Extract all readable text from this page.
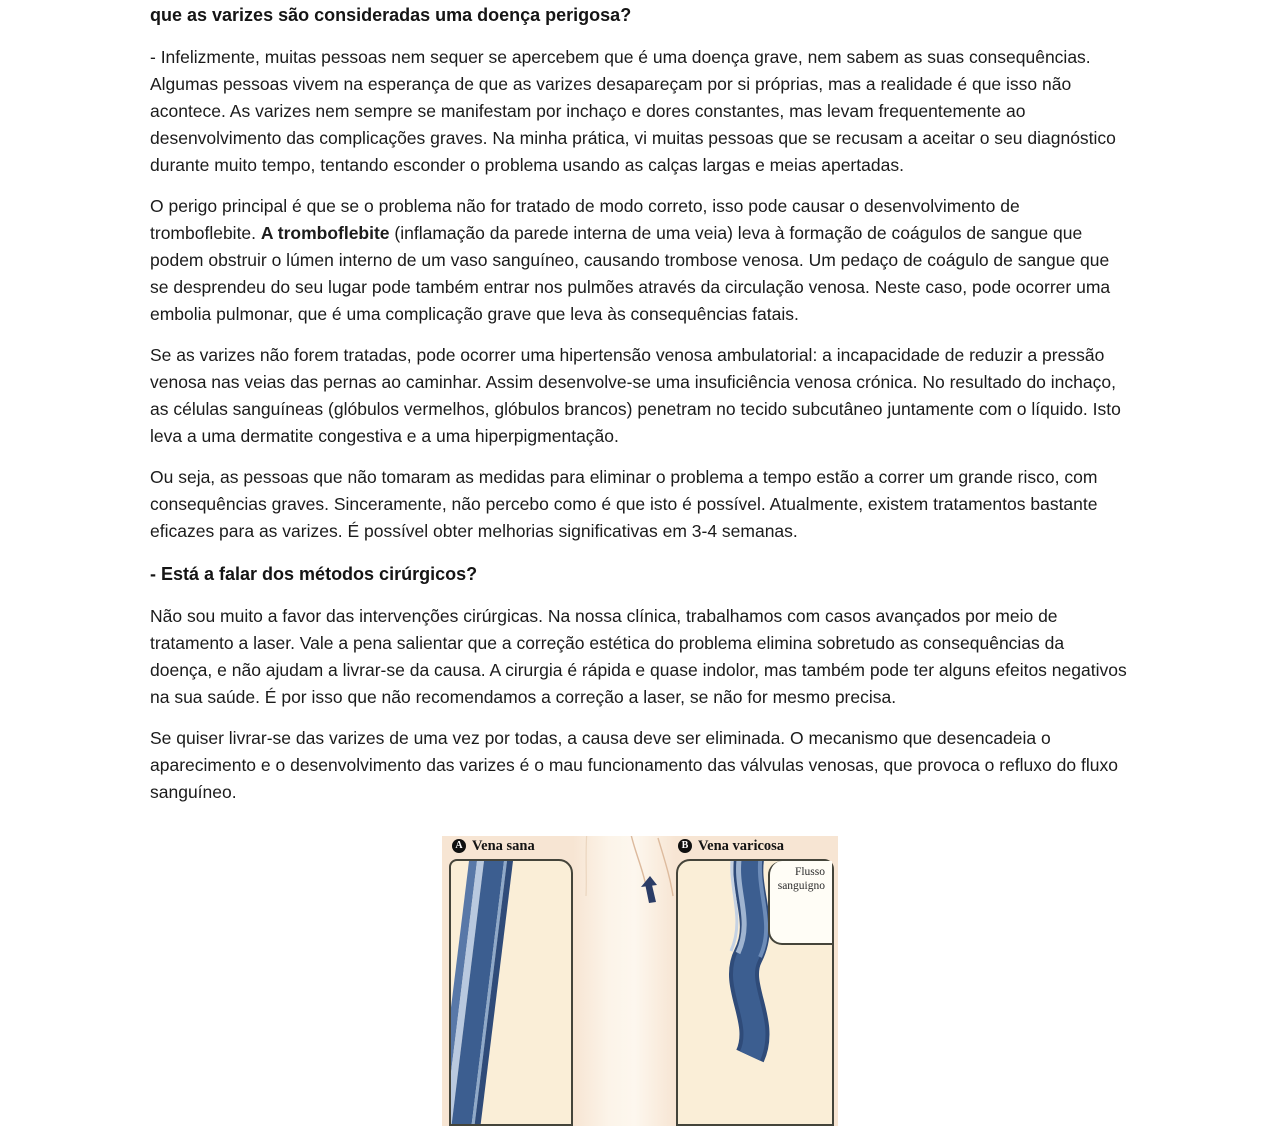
que as varizes são consideradas uma doença perigosa?

- Infelizmente, muitas pessoas nem sequer se apercebem que é uma doença grave, nem sabem as suas consequências. Algumas pessoas vivem na esperança de que as varizes desapareçam por si próprias, mas a realidade é que isso não acontece. As varizes nem sempre se manifestam por inchaço e dores constantes, mas levam frequentemente ao desenvolvimento das complicações graves. Na minha prática, vi muitas pessoas que se recusam a aceitar o seu diagnóstico durante muito tempo, tentando esconder o problema usando as calças largas e meias apertadas.

O perigo principal é que se o problema não for tratado de modo correto, isso pode causar o desenvolvimento de tromboflebite. A tromboflebite (inflamação da parede interna de uma veia) leva à formação de coágulos de sangue que podem obstruir o lúmen interno de um vaso sanguíneo, causando trombose venosa. Um pedaço de coágulo de sangue que se desprendeu do seu lugar pode também entrar nos pulmões através da circulação venosa. Neste caso, pode ocorrer uma embolia pulmonar, que é uma complicação grave que leva às consequências fatais.

Se as varizes não forem tratadas, pode ocorrer uma hipertensão venosa ambulatorial: a incapacidade de reduzir a pressão venosa nas veias das pernas ao caminhar. Assim desenvolve-se uma insuficiência venosa crónica. No resultado do inchaço, as células sanguíneas (glóbulos vermelhos, glóbulos brancos) penetram no tecido subcutâneo juntamente com o líquido. Isto leva a uma dermatite congestiva e a uma hiperpigmentação.

Ou seja, as pessoas que não tomaram as medidas para eliminar o problema a tempo estão a correr um grande risco, com consequências graves. Sinceramente, não percebo como é que isto é possível. Atualmente, existem tratamentos bastante eficazes para as varizes. É possível obter melhorias significativas em 3-4 semanas.

- Está a falar dos métodos cirúrgicos?

Não sou muito a favor das intervenções cirúrgicas. Na nossa clínica, trabalhamos com casos avançados por meio de tratamento a laser. Vale a pena salientar que a correção estética do problema elimina sobretudo as consequências da doença, e não ajudam a livrar-se da causa. A cirurgia é rápida e quase indolor, mas também pode ter alguns efeitos negativos na sua saúde. É por isso que não recomendamos a correção a laser, se não for mesmo precisa.

Se quiser livrar-se das varizes de uma vez por todas, a causa deve ser eliminada. O mecanismo que desencadeia o aparecimento e o desenvolvimento das varizes é o mau funcionamento das válvulas venosas, que provoca o refluxo do fluxo sanguíneo.

A Vena sana	B Vena varicosa
Flusso
sanguigno
